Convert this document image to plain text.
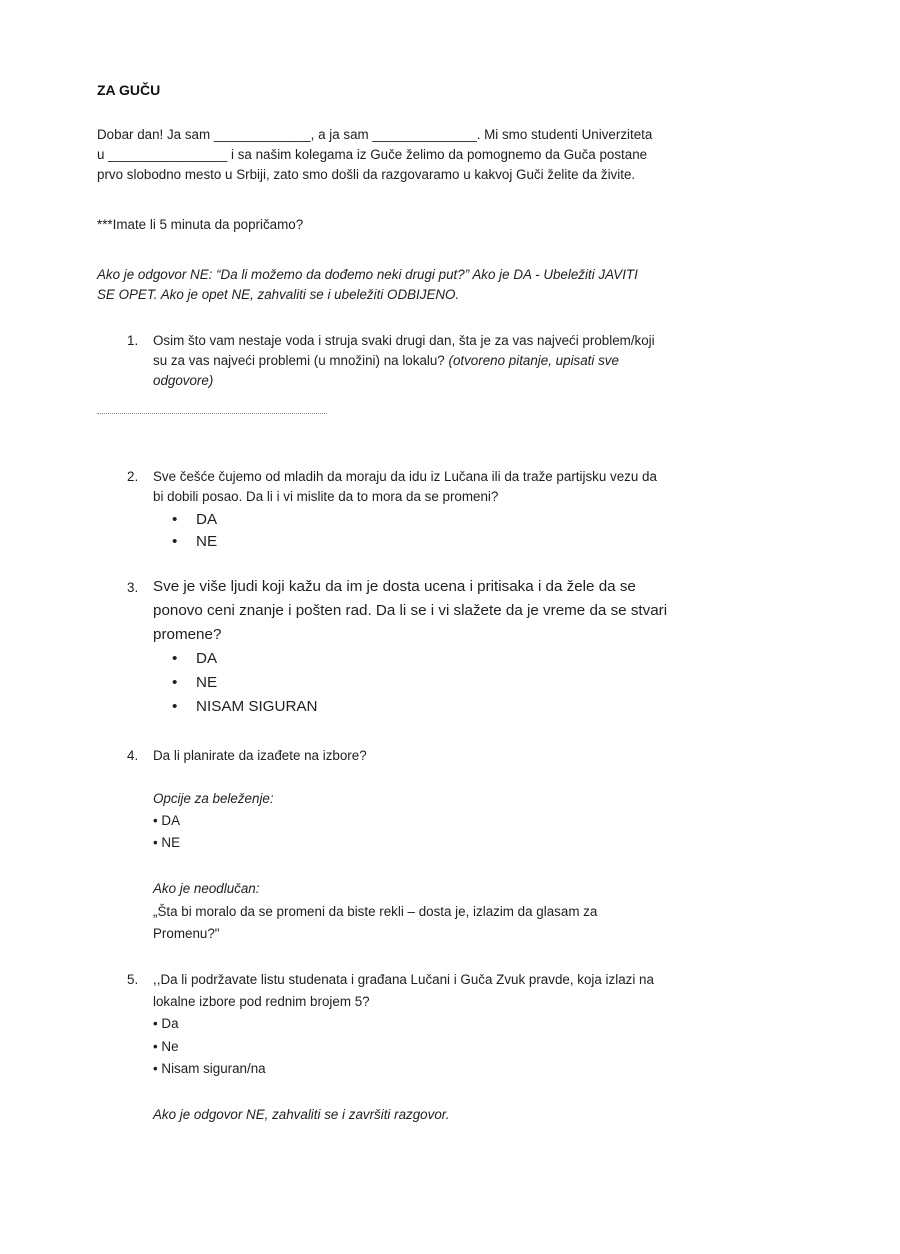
ZA GUČU
Dobar dan! Ja sam _____________, a ja sam ______________. Mi smo studenti Univerziteta
u ________________ i sa našim kolegama iz Guče želimo da pomognemo da Guča postane
prvo slobodno mesto u Srbiji, zato smo došli da razgovaramo u kakvoj Guči želite da živite.
***Imate li 5 minuta da popričamo?
Ako je odgovor NE: “Da li možemo da dođemo neki drugi put?” Ako je DA - Ubeležiti JAVITI
SE OPET. Ako je opet NE, zahvaliti se i ubeležiti ODBIJENO.
1. Osim što vam nestaje voda i struja svaki drugi dan, šta je za vas najveći problem/koji
su za vas najveći problemi (u množini) na lokalu? (otvoreno pitanje, upisati sve
odgovore)
2. Sve češće čujemo od mladih da moraju da idu iz Lučana ili da traže partijsku vezu da
bi dobili posao. Da li i vi mislite da to mora da se promeni?
• DA
• NE
3. Sve je više ljudi koji kažu da im je dosta ucena i pritisaka i da žele da se
ponovo ceni znanje i pošten rad. Da li se i vi slažete da je vreme da se stvari
promene?
• DA
• NE
• NISAM SIGURAN
4. Da li planirate da izađete na izbore?
Opcije za beleženje:
• DA
• NE
Ako je neodlučan:
„Šta bi moralo da se promeni da biste rekli – dosta je, izlazim da glasam za
Promenu?"
5. ,,Da li podržavate listu studenata i građana Lučani i Guča Zvuk pravde, koja izlazi na
lokalne izbore pod rednim brojem 5?
• Da
• Ne
• Nisam siguran/na
Ako je odgovor NE, zahvaliti se i završiti razgovor.
